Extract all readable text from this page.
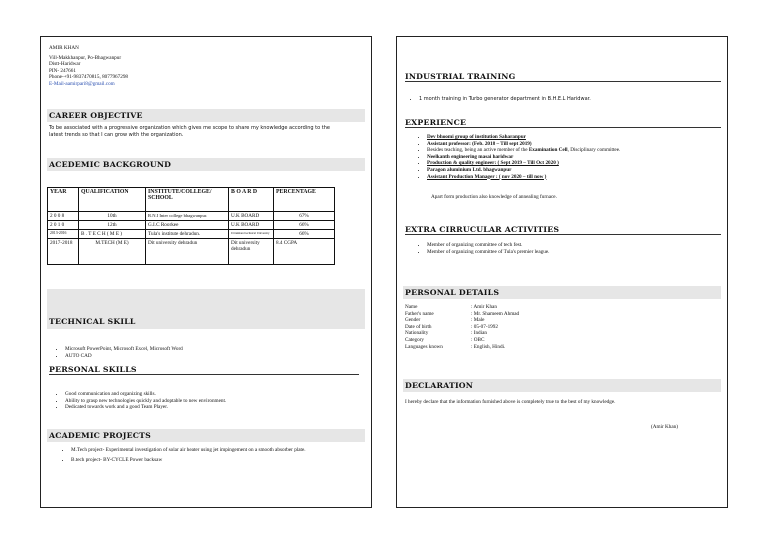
AMIR KHAN
Vill-Makkhanpur, Po-Bhagwanpur
Distt-Haridwar
PIN- 247661
Phone-+91-9837470815, 8077967298
E-Mail-aamirpari8@gmail.com
CAREER OBJECTIVE
To be associated with a progressive organization which gives me scope to share my knowledge according to the latest trends so that I can grow with the organization.
ACEDEMIC BACKGROUND
YEAR	QUALIFICATION	INSTITUTE/COLLEGE/ SCHOOL	B O A R D	PERCENTAGE
2 0 0 8	10th	R.N.I Inter college bhagwanpur.	U.K BOARD	67%
2 0 1 0	12th	G.I.C Roorkee	U.K BOARD	66%
2013-2016	B . T E C H ( M E )	Tula's institute dehradun.	Uttrakhand technical University	66%
2017-2018	M.TECH (M E)	Dit university dehradun	Dit university dehradun	8.4 CGPA
TECHNICAL SKILL
• Microsoft PowerPoint, Microsoft Excel, Microsoft Word
• AUTO CAD
PERSONAL SKILLS
• Good communication and organizing skills.
• Ability to grasp new technologies quickly and adoptable to new environment.
• Dedicated towards work and a good Team Player.
ACADEMIC PROJECTS
• M.Tech project- Experimental investigation of solar air heater using jet impingement on a smooth absorber plate.
• B.tech project- BY-CYCLE Power backsaw
INDUSTRIAL TRAINING
• 1 month training in Turbo generator department in B.H.E.L Haridwar.
EXPERIENCE
• Dev bhoomi group of institution Saharanpur
• Assistant professor: (Feb. 2018 – Till sept 2019)
• Besides teaching, being an active member of the Examination Cell, Disciplinary committee.
• Neelkanth engineering masai haridwar
• Production & quality engineer: ( Sept 2019 – Till Oct 2020 )
• Paragon aluminium Ltd. bhagwanpur
• Assistant Production Manager : ( nov 2020 – till now )
Apart form production also knowledge of annealing furnace.
EXTRA CIRRUCULAR ACTIVITIES
• Member of organizing committee of tech fest.
• Member of organizing committee of Tula's premier league.
PERSONAL DETAILS
Name	: Amir Khan
Father's name	: Mr. Shameem Ahmad
Gender	: Male
Date of birth	: 05-07-1992
Nationality	: Indian
Category	: OBC
Languages known	: English, Hindi.
DECLARATION
I hereby declare that the information furnished above is completely true to the best of my knowledge.
(Amir Khan)
